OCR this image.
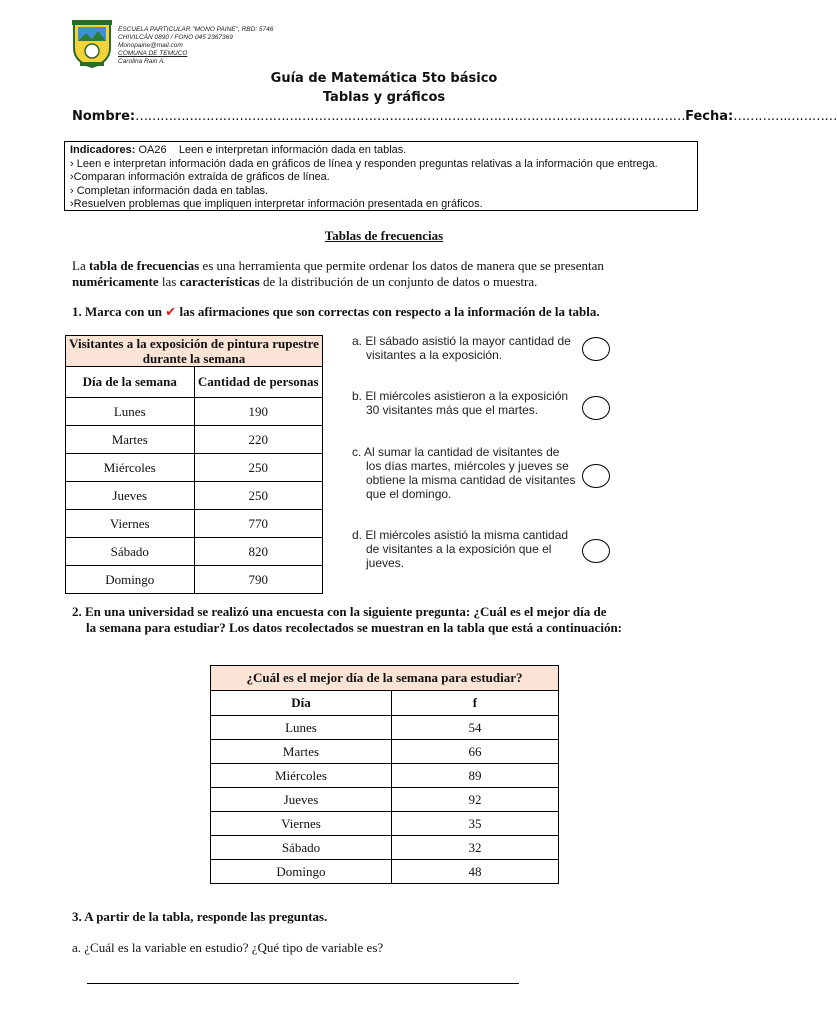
ESCUELA PARTICULAR "MONO PAINE", RBD: 5746
CHIVILCÁN 0890 / FONO 045 2367369
Monopaine@mail.com
COMUNA DE TEMUCO
Carolina Rain A.
Guía de Matemática 5to básico
Tablas y gráficos
Nombre:……………………………………………………………………………………………………………………Fecha:………….…………
Indicadores: OA26 Leen e interpretan información dada en tablas.
› Leen e interpretan información dada en gráficos de línea y responden preguntas relativas a la información que entrega.
›Comparan información extraída de gráficos de línea.
› Completan información dada en tablas.
›Resuelven problemas que impliquen interpretar información presentada en gráficos.
Tablas de frecuencias
La tabla de frecuencias es una herramienta que permite ordenar los datos de manera que se presentan numéricamente las características de la distribución de un conjunto de datos o muestra.
1. Marca con un ✔ las afirmaciones que son correctas con respecto a la información de la tabla.
Visitantes a la exposición de pintura rupestre durante la semana	
Día de la semana	Cantidad de personas
Lunes	190
Martes	220
Miércoles	250
Jueves	250
Viernes	770
Sábado	820
Domingo	790
a. El sábado asistió la mayor cantidad de visitantes a la exposición.
b. El miércoles asistieron a la exposición 30 visitantes más que el martes.
c. Al sumar la cantidad de visitantes de los días martes, miércoles y jueves se obtiene la misma cantidad de visitantes que el domingo.
d. El miércoles asistió la misma cantidad de visitantes a la exposición que el jueves.
2. En una universidad se realizó una encuesta con la siguiente pregunta: ¿Cuál es el mejor día de
la semana para estudiar? Los datos recolectados se muestran en la tabla que está a continuación:
¿Cuál es el mejor día de la semana para estudiar?	
Día	f
Lunes	54
Martes	66
Miércoles	89
Jueves	92
Viernes	35
Sábado	32
Domingo	48
3. A partir de la tabla, responde las preguntas.
a. ¿Cuál es la variable en estudio? ¿Qué tipo de variable es?
